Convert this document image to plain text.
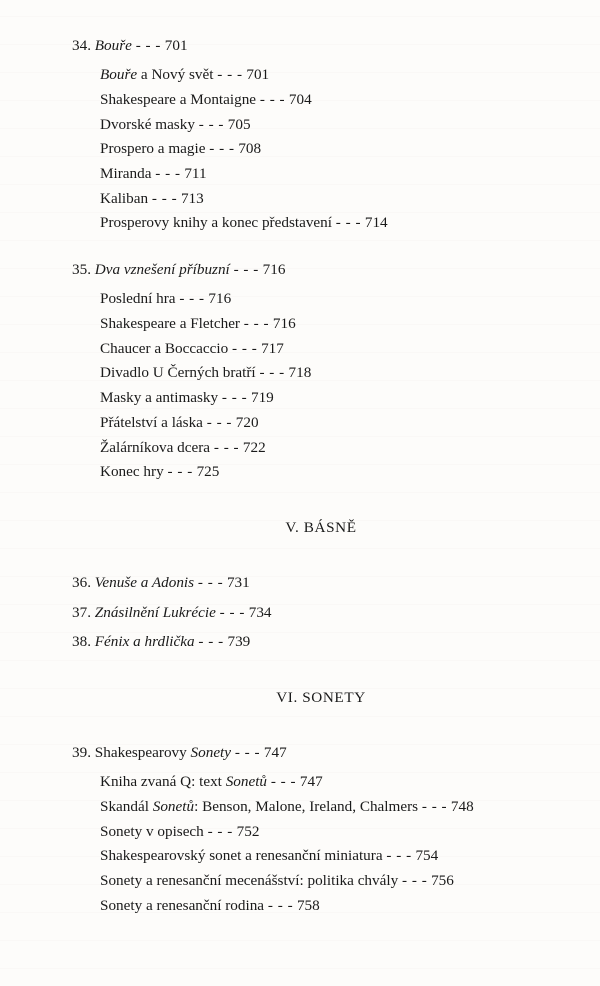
34. Bouře - - - 701
Bouře a Nový svět - - - 701
Shakespeare a Montaigne - - - 704
Dvorské masky - - - 705
Prospero a magie - - - 708
Miranda - - - 711
Kaliban - - - 713
Prosperovy knihy a konec představení - - - 714
35. Dva vznešení příbuzní - - - 716
Poslední hra - - - 716
Shakespeare a Fletcher - - - 716
Chaucer a Boccaccio - - - 717
Divadlo U Černých bratří - - - 718
Masky a antimasky - - - 719
Přátelství a láska - - - 720
Žalárníkova dcera - - - 722
Konec hry - - - 725
V. BÁSNĚ
36. Venuše a Adonis - - - 731
37. Znásilnění Lukrécie - - - 734
38. Fénix a hrdlička - - - 739
VI. SONETY
39. Shakespearovy Sonety - - - 747
Kniha zvaná Q: text Sonetů - - - 747
Skandál Sonetů: Benson, Malone, Ireland, Chalmers - - - 748
Sonety v opisech - - - 752
Shakespearovský sonet a renesanční miniatura - - - 754
Sonety a renesanční mecenášství: politika chvály - - - 756
Sonety a renesanční rodina - - - 758
